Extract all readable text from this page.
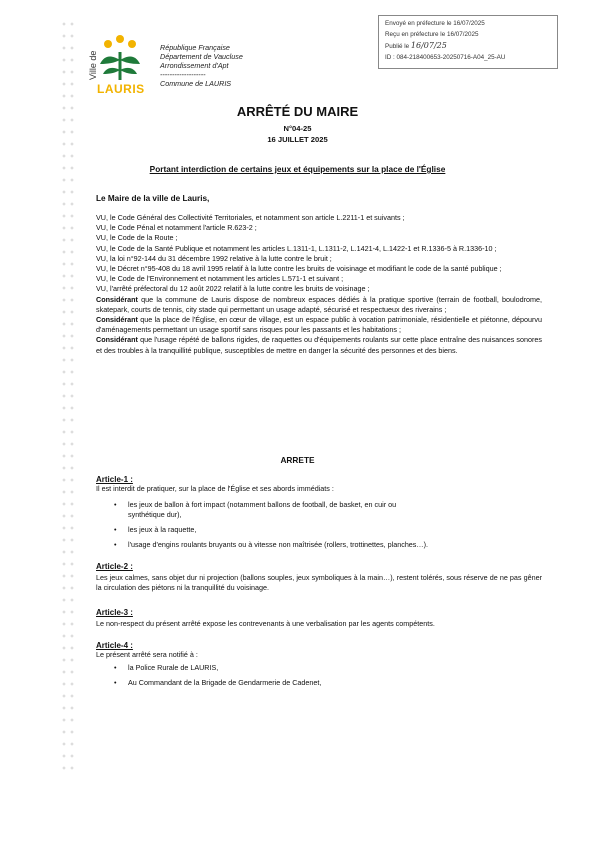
Ville de
LAURIS
République Française
Département de Vaucluse
Arrondissement d'Apt
-------------------
Commune de LAURIS
Envoyé en préfecture le 16/07/2025
Reçu en préfecture le 16/07/2025
Publié le 16/07/25
ID : 084-218400653-20250716-A04_25-AU
ARRÊTÉ DU MAIRE
N°04-25
16 JUILLET 2025
Portant interdiction de certains jeux et équipements sur la place de l'Église
Le Maire de la ville de Lauris,

VU, le Code Général des Collectivité Territoriales, et notamment son article L.2211-1 et suivants ;

VU, le Code Pénal et notamment l'article R.623-2 ;

VU, le Code de la Route ;

VU, le Code de la Santé Publique et notamment les articles L.1311-1, L.1311-2, L.1421-4, L.1422-1 et R.1336-5 à R.1336-10 ;

VU, la loi n°92-144 du 31 décembre 1992 relative à la lutte contre le bruit ;

VU, le Décret n°95-408 du 18 avril 1995 relatif à la lutte contre les bruits de voisinage et modifiant le code de la santé publique ;

VU, le Code de l'Environnement et notamment les articles L.571-1 et suivant ;

VU, l'arrêté préfectoral du 12 août 2022 relatif à la lutte contre les bruits de voisinage ;

Considérant que la commune de Lauris dispose de nombreux espaces dédiés à la pratique sportive (terrain de football, boulodrome, skatepark, courts de tennis, city stade qui permettant un usage adapté, sécurisé et respectueux des riverains ;

Considérant que la place de l'Église, en cœur de village, est un espace public à vocation patrimoniale, résidentielle et piétonne, dépourvu d'aménagements permettant un usage sportif sans risques pour les passants et les habitations ;

Considérant que l'usage répété de ballons rigides, de raquettes ou d'équipements roulants sur cette place entraîne des nuisances sonores et des troubles à la tranquillité publique, susceptibles de mettre en danger la sécurité des personnes et des biens.

ARRETE
Article-1 :
Il est interdit de pratiquer, sur la place de l'Église et ses abords immédiats :
• les jeux de ballon à fort impact (notamment ballons de football, de basket, en cuir ou synthétique dur),
• les jeux à la raquette,
• l'usage d'engins roulants bruyants ou à vitesse non maîtrisée (rollers, trottinettes, planches…).
Article-2 :
Les jeux calmes, sans objet dur ni projection (ballons souples, jeux symboliques à la main…), restent tolérés, sous réserve de ne pas gêner la circulation des piétons ni la tranquillité du voisinage.
Article-3 :
Le non-respect du présent arrêté expose les contrevenants à une verbalisation par les agents compétents.
Article-4 :
Le présent arrêté sera notifié à :
• la Police Rurale de LAURIS,
• Au Commandant de la Brigade de Gendarmerie de Cadenet,
